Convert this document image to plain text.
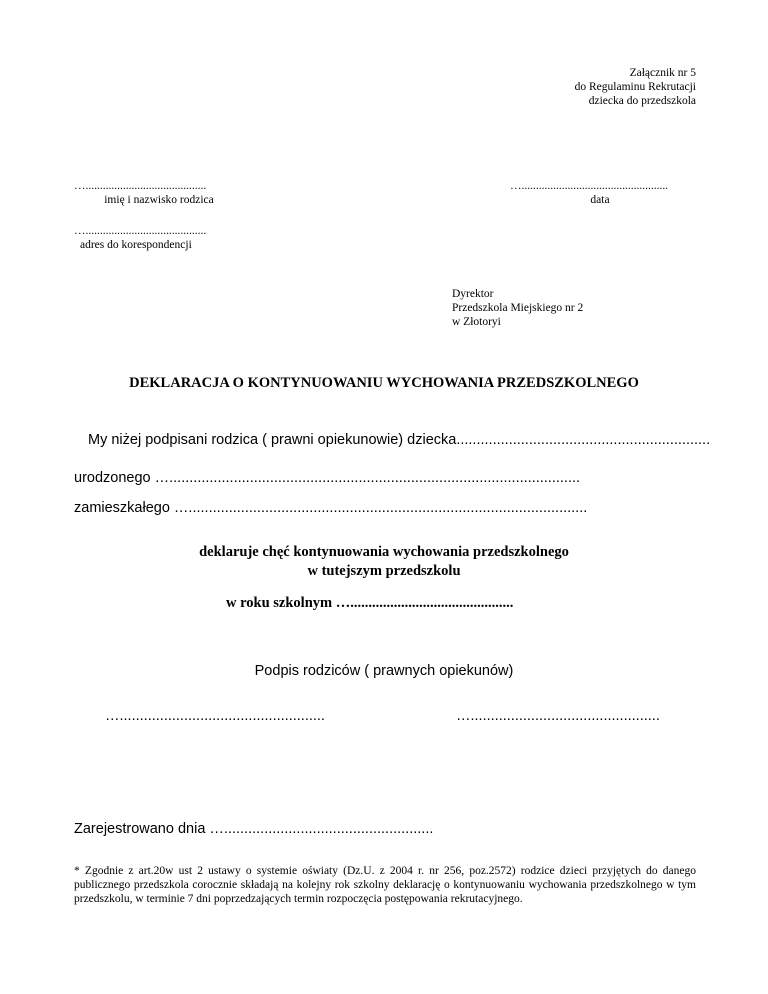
Załącznik nr 5
do Regulaminu Rekrutacji
dziecka do przedszkola
…..........................................
imię i nazwisko rodzica
…...................................................
data
…..........................................
adres do korespondencji
Dyrektor
Przedszkola Miejskiego nr 2
w Złotoryi
DEKLARACJA O KONTYNUOWANIU WYCHOWANIA PRZEDSZKOLNEGO
My niżej podpisani rodzica ( prawni opiekunowie) dziecka...............................................................
urodzonego …......................................................................................................
zamieszkałego …...................................................................................................
deklaruje chęć kontynuowania wychowania przedszkolnego
w tutejszym przedszkolu
w roku szkolnym ….............................................
Podpis rodziców ( prawnych opiekunów)
…...................................................	…...............................................
Zarejestrowano dnia …....................................................
* Zgodnie z art.20w ust 2 ustawy o systemie oświaty (Dz.U. z 2004 r. nr 256, poz.2572) rodzice dzieci przyjętych do danego publicznego przedszkola corocznie składają na kolejny rok szkolny deklarację o kontynuowaniu wychowania przedszkolnego w tym przedszkolu, w terminie 7 dni poprzedzających termin rozpoczęcia postępowania rekrutacyjnego.
